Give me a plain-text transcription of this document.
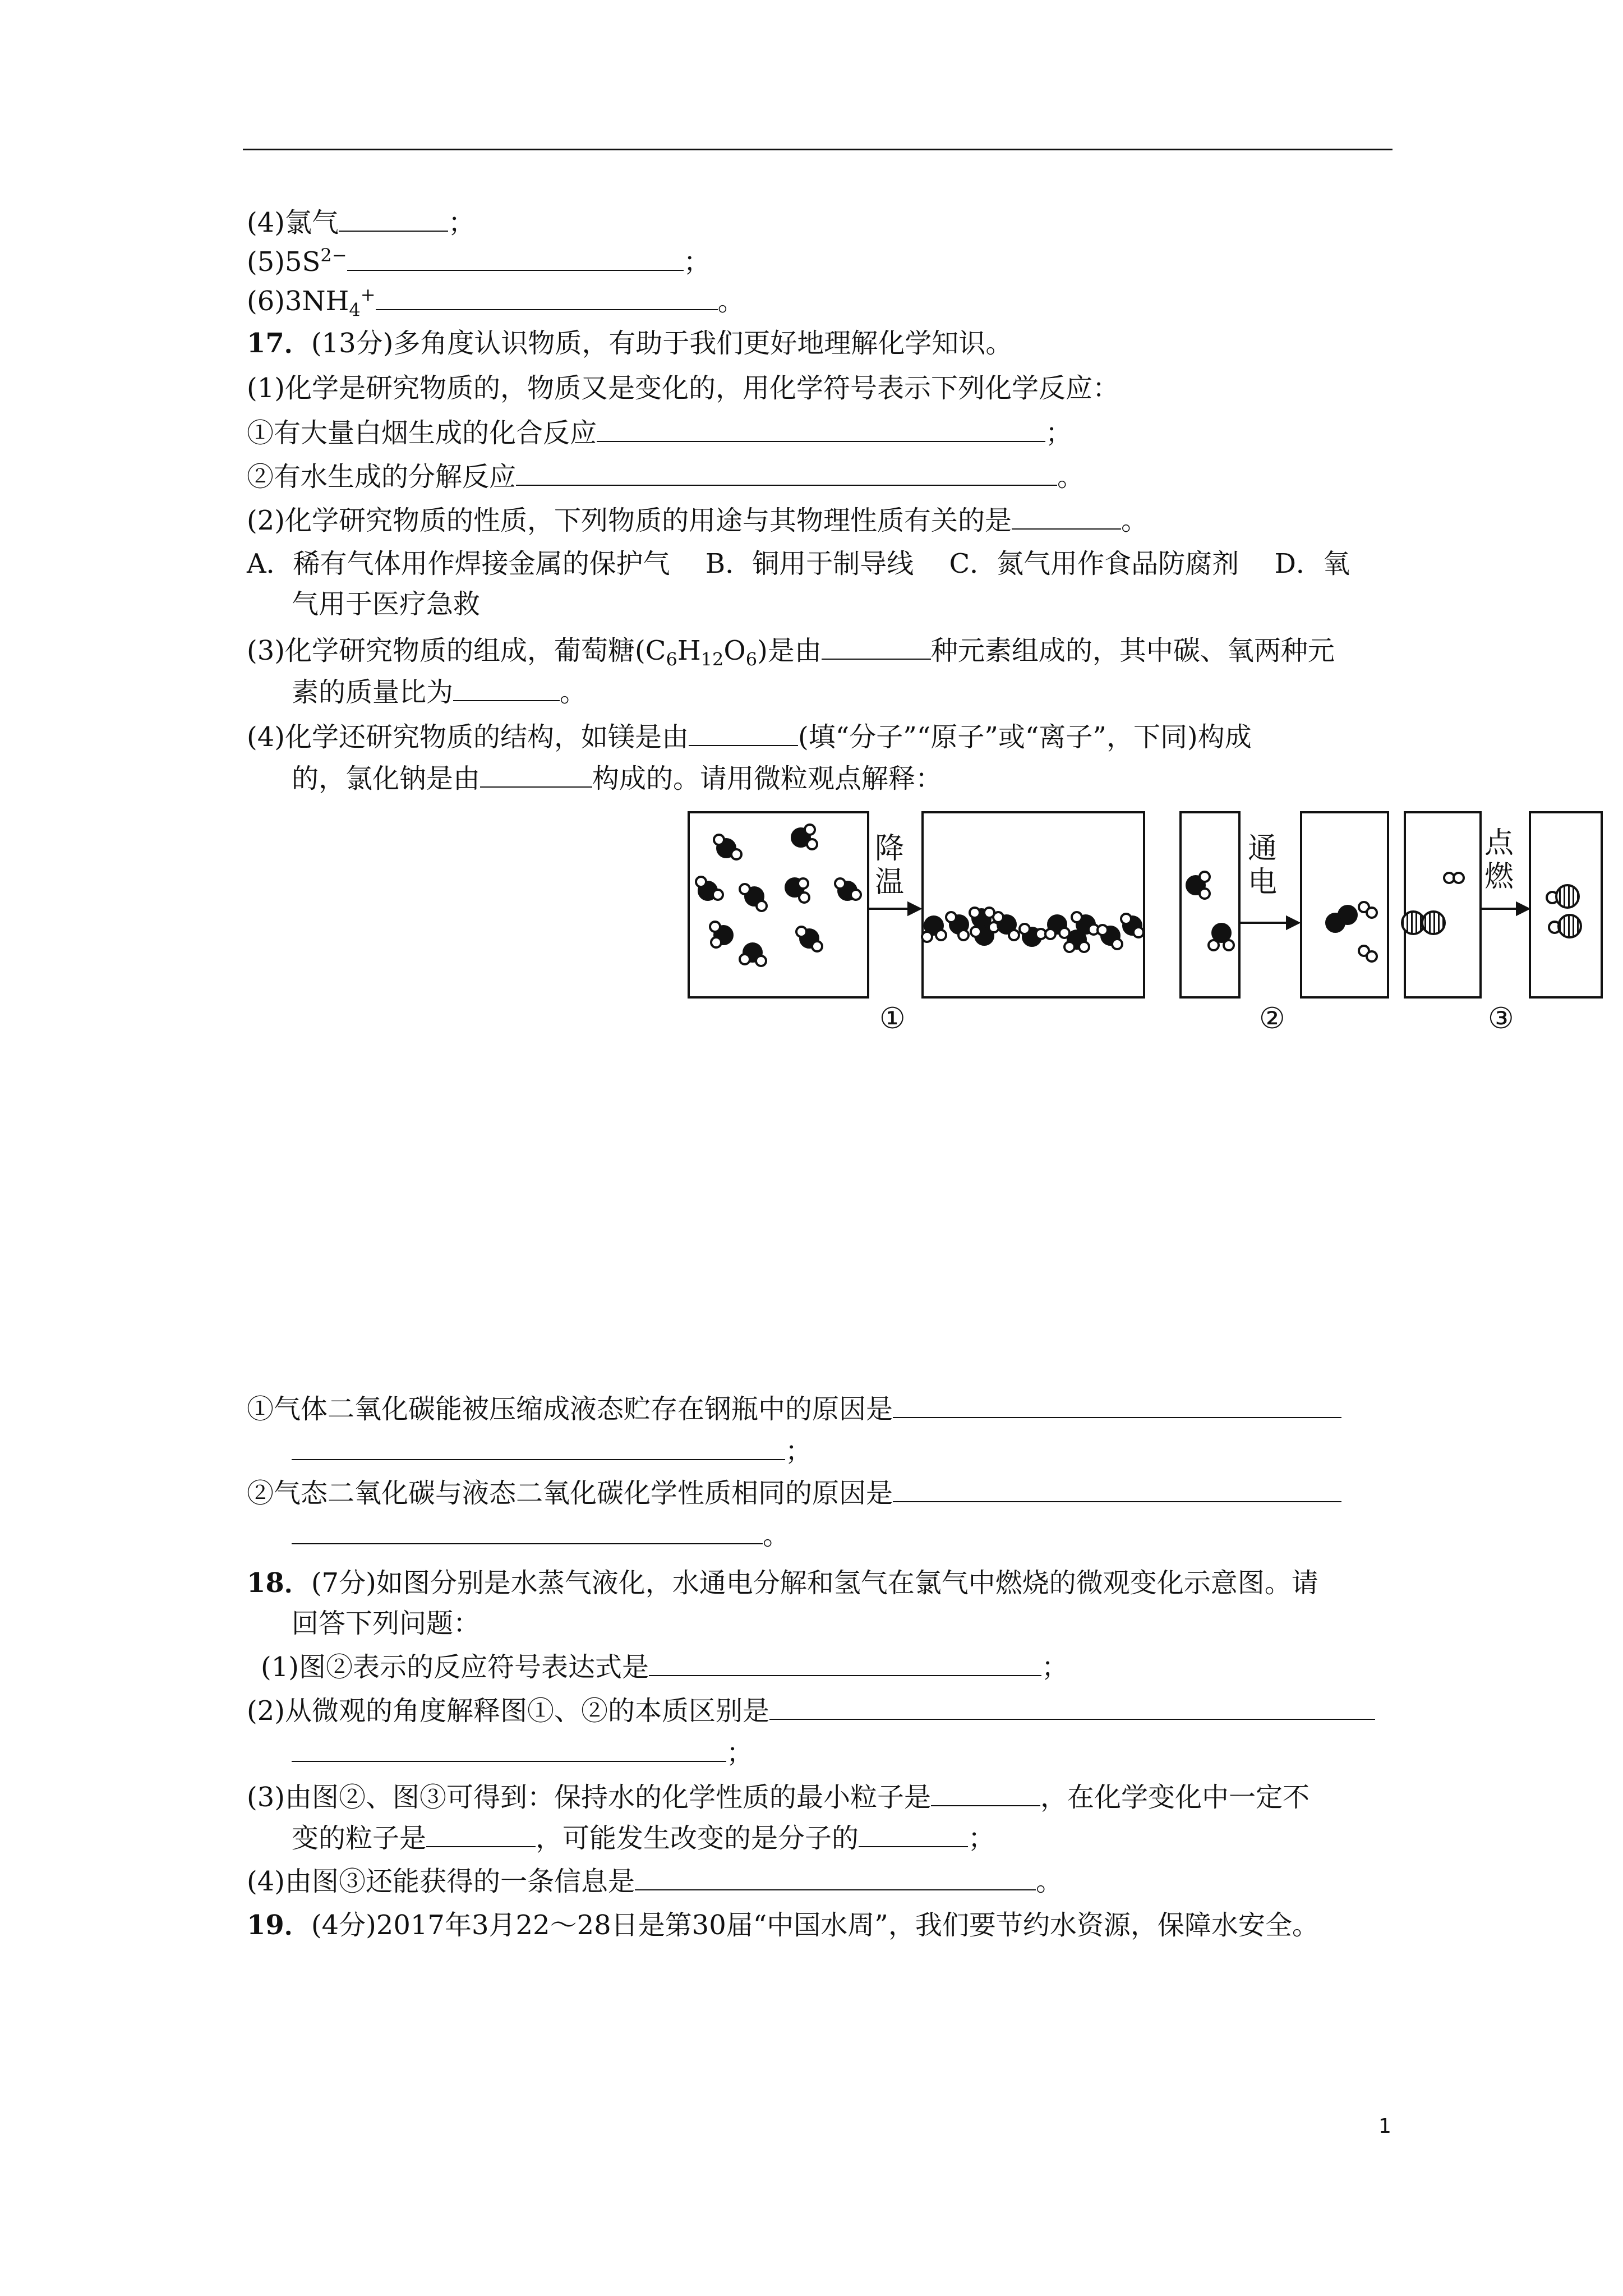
(4)氯气	；
$(5)5S^{2-}$	；
$(6)3NH_4^+$	。
17．(13分)多角度认识物质，有助于我们更好地理解化学知识。
(1)化学是研究物质的，物质又是变化的，用化学符号表示下列化学反应：
①有大量白烟生成的化合反应	；
②有水生成的分解反应	。
(2)化学研究物质的性质，下列物质的用途与其物理性质有关的是	。
A．稀有气体用作焊接金属的保护气　 B．铜用于制导线　 C．氮气用作食品防腐剂　 D．氧
气用于医疗急救
(3)化学研究物质的组成，葡萄糖$(C_6H_{12}O_6)$是由	种元素组成的，其中碳、氧两种元
素的质量比为	。
(4)化学还研究物质的结构，如镁是由	(填“分子”“原子”或“离子”，下同)构成
的，氯化钠是由	构成的。请用微粒观点解释：
降
温
通
电
点
燃
①	②	③
①气体二氧化碳能被压缩成液态贮存在钢瓶中的原因是
；
②气态二氧化碳与液态二氧化碳化学性质相同的原因是
。
18．(7分)如图分别是水蒸气液化，水通电分解和氢气在氯气中燃烧的微观变化示意图。请
回答下列问题：
(1)图②表示的反应符号表达式是	；
(2)从微观的角度解释图①、②的本质区别是
；
(3)由图②、图③可得到：保持水的化学性质的最小粒子是	，在化学变化中一定不
变的粒子是	，可能发生改变的是分子的	；
(4)由图③还能获得的一条信息是	。
19．(4分)2017年3月22～28日是第30届“中国水周”，我们要节约水资源，保障水安全。
1
